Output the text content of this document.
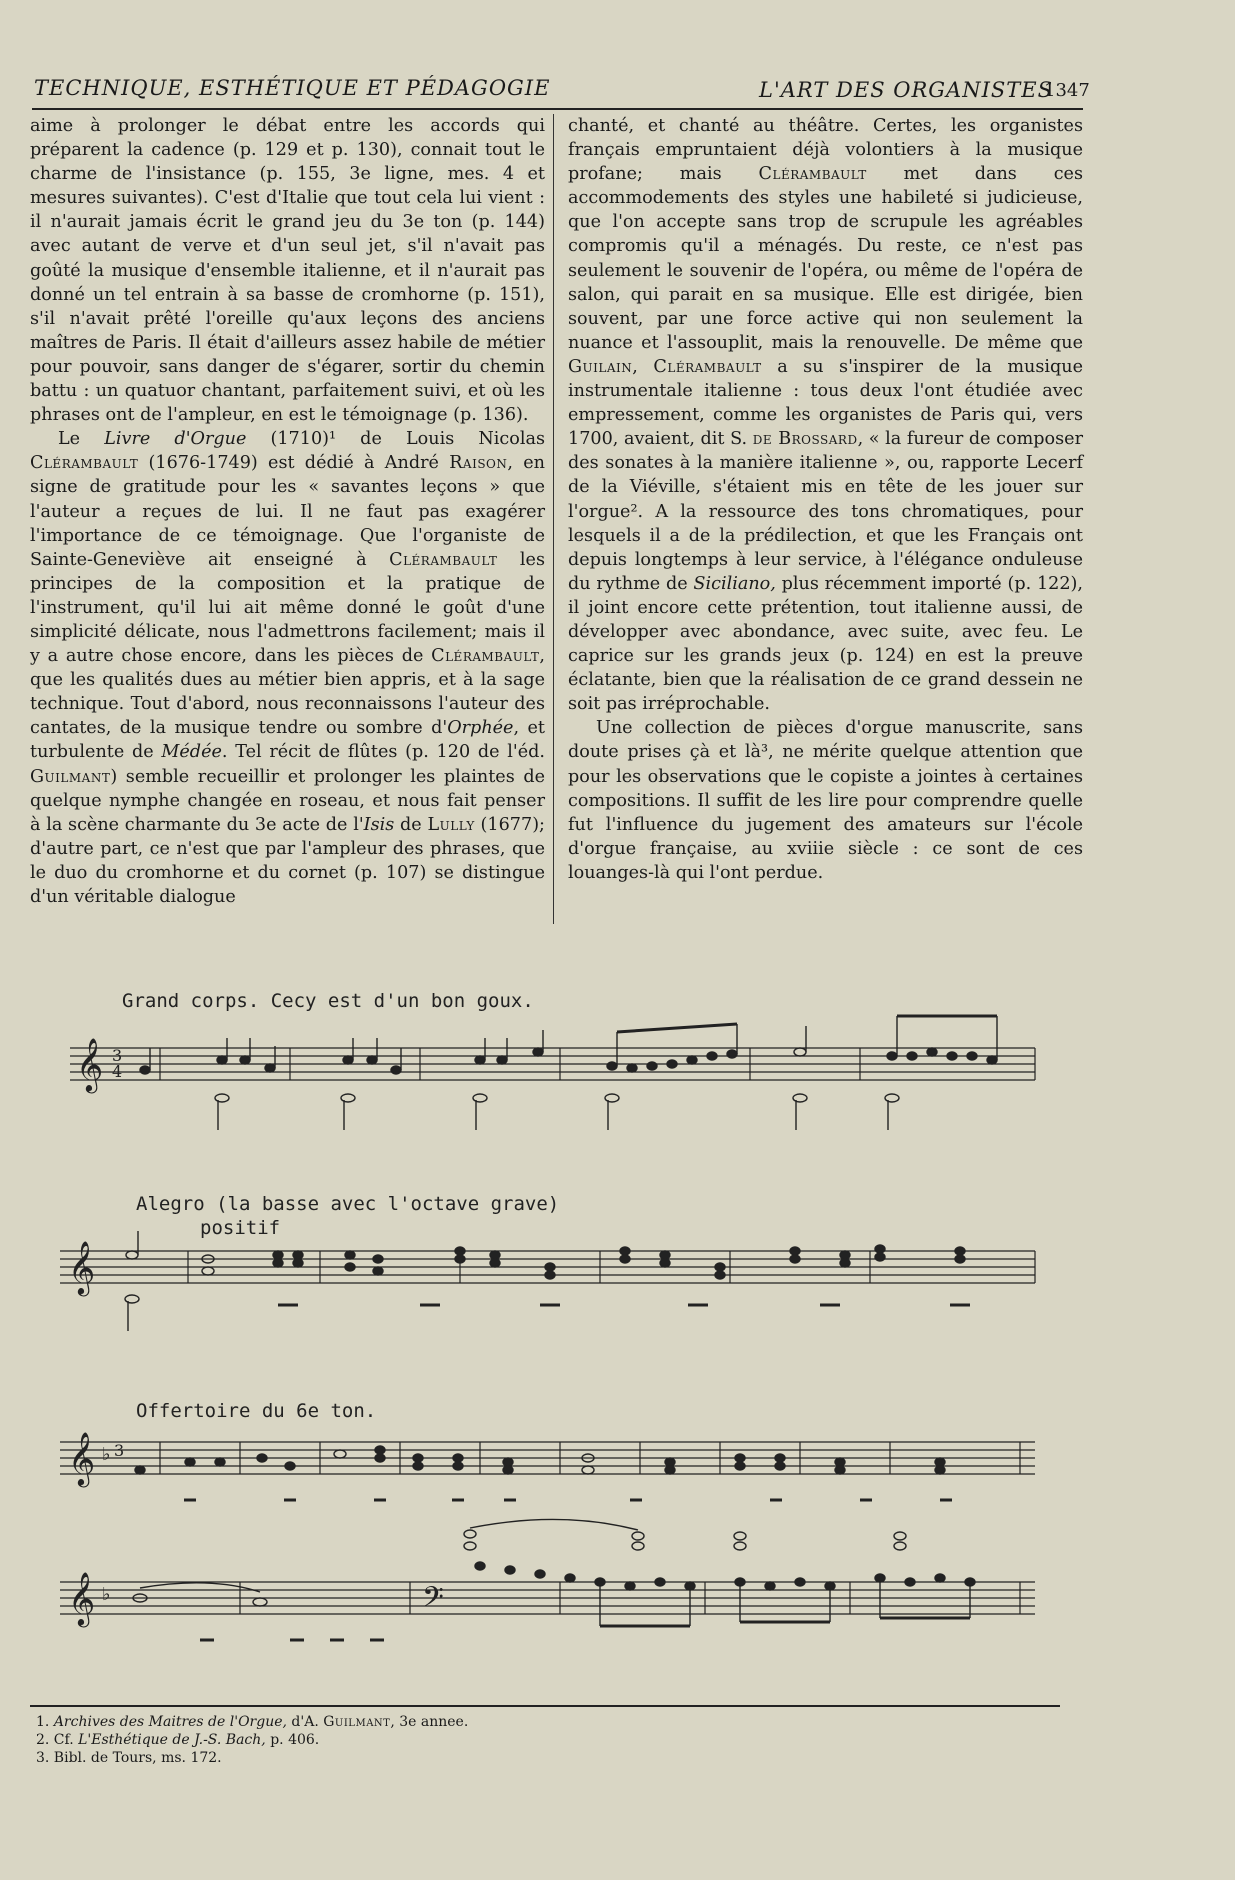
TECHNIQUE, ESTHÉTIQUE ET PÉDAGOGIE	L'ART DES ORGANISTES
1347

aime à prolonger le débat entre les accords qui préparent la cadence (p. 129 et p. 130), connait tout le charme de l'insistance (p. 155, 3e ligne, mes. 4 et mesures suivantes). C'est d'Italie que tout cela lui vient : il n'aurait jamais écrit le grand jeu du 3e ton (p. 144) avec autant de verve et d'un seul jet, s'il n'avait pas goûté la musique d'ensemble italienne, et il n'aurait pas donné un tel entrain à sa basse de cromhorne (p. 151), s'il n'avait prêté l'oreille qu'aux leçons des anciens maîtres de Paris. Il était d'ailleurs assez habile de métier pour pouvoir, sans danger de s'égarer, sortir du chemin battu : un quatuor chantant, parfaitement suivi, et où les phrases ont de l'ampleur, en est le témoignage (p. 136).

Le Livre d'Orgue (1710)¹ de Louis Nicolas Clérambault (1676-1749) est dédié à André Raison, en signe de gratitude pour les « savantes leçons » que l'auteur a reçues de lui. Il ne faut pas exagérer l'importance de ce témoignage. Que l'organiste de Sainte-Geneviève ait enseigné à Clérambault les principes de la composition et la pratique de l'instrument, qu'il lui ait même donné le goût d'une simplicité délicate, nous l'admettrons facilement; mais il y a autre chose encore, dans les pièces de Clérambault, que les qualités dues au métier bien appris, et à la sage technique. Tout d'abord, nous reconnaissons l'auteur des cantates, de la musique tendre ou sombre d'Orphée, et turbulente de Médée. Tel récit de flûtes (p. 120 de l'éd. Guilmant) semble recueillir et prolonger les plaintes de quelque nymphe changée en roseau, et nous fait penser à la scène charmante du 3e acte de l'Isis de Lully (1677); d'autre part, ce n'est que par l'ampleur des phrases, que le duo du cromhorne et du cornet (p. 107) se distingue d'un véritable dialogue

chanté, et chanté au théâtre. Certes, les organistes français empruntaient déjà volontiers à la musique profane; mais Clérambault met dans ces accommodements des styles une habileté si judicieuse, que l'on accepte sans trop de scrupule les agréables compromis qu'il a ménagés. Du reste, ce n'est pas seulement le souvenir de l'opéra, ou même de l'opéra de salon, qui parait en sa musique. Elle est dirigée, bien souvent, par une force active qui non seulement la nuance et l'assouplit, mais la renouvelle. De même que Guilain, Clérambault a su s'inspirer de la musique instrumentale italienne : tous deux l'ont étudiée avec empressement, comme les organistes de Paris qui, vers 1700, avaient, dit S. de Brossard, « la fureur de composer des sonates à la manière italienne », ou, rapporte Lecerf de la Viéville, s'étaient mis en tête de les jouer sur l'orgue². A la ressource des tons chromatiques, pour lesquels il a de la prédilection, et que les Français ont depuis longtemps à leur service, à l'élégance onduleuse du rythme de Siciliano, plus récemment importé (p. 122), il joint encore cette prétention, tout italienne aussi, de développer avec abondance, avec suite, avec feu. Le caprice sur les grands jeux (p. 124) en est la preuve éclatante, bien que la réalisation de ce grand dessein ne soit pas irréprochable.

Une collection de pièces d'orgue manuscrite, sans doute prises çà et là³, ne mérite quelque attention que pour les observations que le copiste a jointes à certaines compositions. Il suffit de les lire pour comprendre quelle fut l'influence du jugement des amateurs sur l'école d'orgue française, au xviiie siècle : ce sont de ces louanges-là qui l'ont perdue.

Grand corps. Cecy est d'un bon goux.
𝄞 3
4
Alegro (la basse avec l'octave grave)
positif
𝄞
Offertoire du 6e ton.
𝄞 ♭ 3
𝄞 ♭	𝄢
1. Archives des Maitres de l'Orgue, d'A. Guilmant, 3e annee.
2. Cf. L'Esthétique de J.-S. Bach, p. 406.
3. Bibl. de Tours, ms. 172.
